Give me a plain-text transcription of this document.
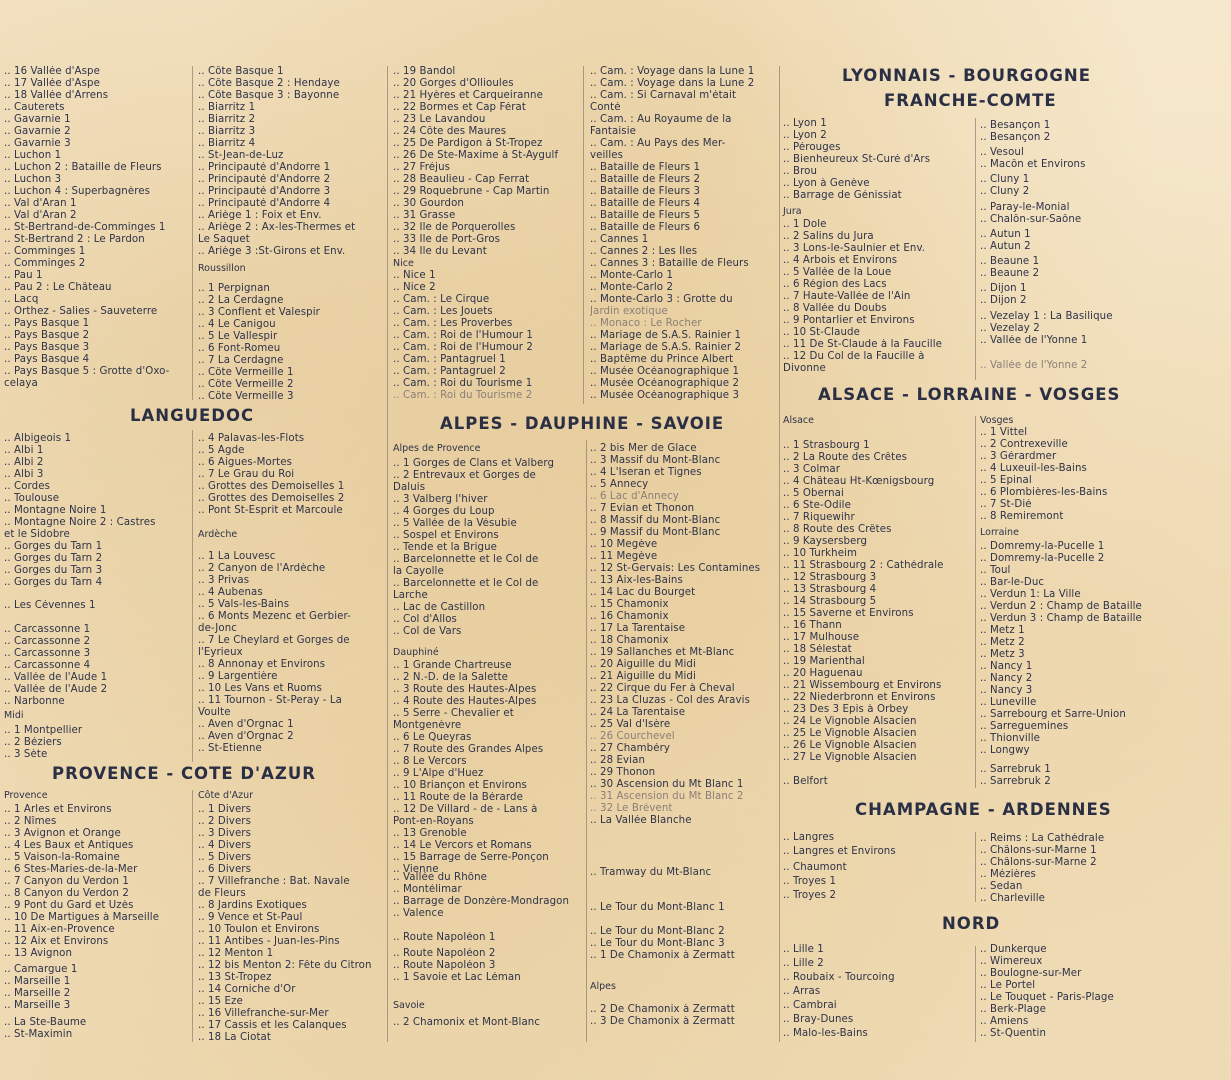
.. 16 Vallée d'Aspe
.. 17 Vallée d'Aspe
.. 18 Vallée d'Arrens
.. Cauterets
.. Gavarnie 1
.. Gavarnie 2
.. Gavarnie 3
.. Luchon 1
.. Luchon 2 : Bataille de Fleurs
.. Luchon 3
.. Luchon 4 : Superbagnères
.. Val d'Aran 1
.. Val d'Aran 2
.. St-Bertrand-de-Comminges 1
.. St-Bertrand 2 : Le Pardon
.. Comminges 1
.. Comminges 2
.. Pau 1
.. Pau 2 : Le Château
.. Lacq
.. Orthez - Salies - Sauveterre
.. Pays Basque 1
.. Pays Basque 2
.. Pays Basque 3
.. Pays Basque 4
.. Pays Basque 5 : Grotte d'Oxo-
celaya
.. Côte Basque 1
.. Côte Basque 2 : Hendaye
.. Côte Basque 3 : Bayonne
.. Biarritz 1
.. Biarritz 2
.. Biarritz 3
.. Biarritz 4
.. St-Jean-de-Luz
.. Principauté d'Andorre 1
.. Principauté d'Andorre 2
.. Principauté d'Andorre 3
.. Principauté d'Andorre 4
.. Ariège 1 : Foix et Env.
.. Ariège 2 : Ax-les-Thermes et
Le Saquet
.. Ariège 3 :St-Girons et Env.
.. 1 Perpignan
.. 2 La Cerdagne
.. 3 Conflent et Valespir
.. 4 Le Canigou
.. 5 Le Vallespir
.. 6 Font-Romeu
.. 7 La Cerdagne
.. Côte Vermeille 1
.. Côte Vermeille 2
.. Côte Vermeille 3
.. 19 Bandol
.. 20 Gorges d'Ollioules
.. 21 Hyères et Carqueiranne
.. 22 Bormes et Cap Férat
.. 23 Le Lavandou
.. 24 Côte des Maures
.. 25 De Pardigon à St-Tropez
.. 26 De Ste-Maxime à St-Aygulf
.. 27 Fréjus
.. 28 Beaulieu - Cap Ferrat
.. 29 Roquebrune - Cap Martin
.. 30 Gourdon
.. 31 Grasse
.. 32 Ile de Porquerolles
.. 33 Ile de Port-Gros
.. 34 Ile du Levant
.. Nice 1
.. Nice 2
.. Cam. : Le Cirque
.. Cam. : Les Jouets
.. Cam. : Les Proverbes
.. Cam. : Roi de l'Humour 1
.. Cam. : Roi de l'Humour 2
.. Cam. : Pantagruel 1
.. Cam. : Pantagruel 2
.. Cam. : Roi du Tourisme 1
.. Cam. : Roi du Tourisme 2
.. Cam. : Voyage dans la Lune 1
.. Cam. : Voyage dans la Lune 2
.. Cam. : Si Carnaval m'était
Conté
.. Cam. : Au Royaume de la
Fantaisie
.. Cam. : Au Pays des Mer-
veilles
.. Bataille de Fleurs 1
.. Bataille de Fleurs 2
.. Bataille de Fleurs 3
.. Bataille de Fleurs 4
.. Bataille de Fleurs 5
.. Bataille de Fleurs 6
.. Cannes 1
.. Cannes 2 : Les Iles
.. Cannes 3 : Bataille de Fleurs
.. Monte-Carlo 1
.. Monte-Carlo 2
.. Monte-Carlo 3 : Grotte du
Jardin exotique
.. Monaco : Le Rocher
.. Mariage de S.A.S. Rainier 1
.. Mariage de S.A.S. Rainier 2
.. Baptême du Prince Albert
.. Musée Océanographique 1
.. Musée Océanographique 2
.. Musée Océanographique 3
.. Lyon 1
.. Lyon 2
.. Pérouges
.. Bienheureux St-Curé d'Ars
.. Brou
.. Lyon à Genève
.. Barrage de Génissiat
.. 1 Dole
.. 2 Salins du Jura
.. 3 Lons-le-Saulnier et Env.
.. 4 Arbois et Environs
.. 5 Vallée de la Loue
.. 6 Région des Lacs
.. 7 Haute-Vallée de l'Ain
.. 8 Vallée du Doubs
.. 9 Pontarlier et Environs
.. 10 St-Claude
.. 11 De St-Claude à la Faucille
.. 12 Du Col de la Faucille à
Divonne
.. Besançon 1
.. Besançon 2
.. Vesoul
.. Macôn et Environs
.. Cluny 1
.. Cluny 2
.. Paray-le-Monial
.. Chalôn-sur-Saône
.. Autun 1
.. Autun 2
.. Beaune 1
.. Beaune 2
.. Dijon 1
.. Dijon 2
.. Vezelay 1 : La Basilique
.. Vezelay 2
.. Vallée de l'Yonne 1
.. Vallée de l'Yonne 2
.. Albigeois 1
.. Albi 1
.. Albi 2
.. Albi 3
.. Cordes
.. Toulouse
.. Montagne Noire 1
.. Montagne Noire 2 : Castres
et le Sidobre
.. Gorges du Tarn 1
.. Gorges du Tarn 2
.. Gorges du Tarn 3
.. Gorges du Tarn 4
.. Les Cévennes 1
.. Carcassonne 1
.. Carcassonne 2
.. Carcassonne 3
.. Carcassonne 4
.. Vallée de l'Aude 1
.. Vallée de l'Aude 2
.. Narbonne
.. 1 Montpellier
.. 2 Béziers
.. 3 Sète
.. 4 Palavas-les-Flots
.. 5 Agde
.. 6 Aigues-Mortes
.. 7 Le Grau du Roi
.. Grottes des Demoiselles 1
.. Grottes des Demoiselles 2
.. Pont St-Esprit et Marcoule
.. 1 La Louvesc
.. 2 Canyon de l'Ardèche
.. 3 Privas
.. 4 Aubenas
.. 5 Vals-les-Bains
.. 6 Monts Mezenc et Gerbier-
de-Jonc
.. 7 Le Cheylard et Gorges de
l'Eyrieux
.. 8 Annonay et Environs
.. 9 Largentière
.. 10 Les Vans et Ruoms
.. 11 Tournon - St-Peray - La
Voulte
.. Aven d'Orgnac 1
.. Aven d'Orgnac 2
.. St-Etienne
.. 1 Gorges de Clans et Valberg
.. 2 Entrevaux et Gorges de
Daluis
.. 3 Valberg l'hiver
.. 4 Gorges du Loup
.. 5 Vallée de la Vésubie
.. Sospel et Environs
.. Tende et la Brigue
.. Barcelonnette et le Col de
la Cayolle
.. Barcelonnette et le Col de
Larche
.. Lac de Castillon
.. Col d'Allos
.. Col de Vars
.. 1 Grande Chartreuse
.. 2 N.-D. de la Salette
.. 3 Route des Hautes-Alpes
.. 4 Route des Hautes-Alpes
.. 5 Serre - Chevalier et
Montgenèvre
.. 6 Le Queyras
.. 7 Route des Grandes Alpes
.. 8 Le Vercors
.. 9 L'Alpe d'Huez
.. 10 Briançon et Environs
.. 11 Route de la Bérarde
.. 12 De Villard - de - Lans à
Pont-en-Royans
.. 13 Grenoble
.. 14 Le Vercors et Romans
.. 15 Barrage de Serre-Ponçon
.. Vienne
.. Vallée du Rhône
.. Montélimar
.. Barrage de Donzère-Mondragon
.. Valence
.. Route Napoléon 1
.. Route Napoléon 2
.. Route Napoléon 3
.. 1 Savoie et Lac Léman
.. 2 Chamonix et Mont-Blanc
.. 2 bis Mer de Glace
.. 3 Massif du Mont-Blanc
.. 4 L'Iseran et Tignes
.. 5 Annecy
.. 6 Lac d'Annecy
.. 7 Evian et Thonon
.. 8 Massif du Mont-Blanc
.. 9 Massif du Mont-Blanc
.. 10 Megève
.. 11 Megève
.. 12 St-Gervais: Les Contamines
.. 13 Aix-les-Bains
.. 14 Lac du Bourget
.. 15 Chamonix
.. 16 Chamonix
.. 17 La Tarentaise
.. 18 Chamonix
.. 19 Sallanches et Mt-Blanc
.. 20 Aiguille du Midi
.. 21 Aiguille du Midi
.. 22 Cirque du Fer à Cheval
.. 23 La Cluzas - Col des Aravis
.. 24 La Tarentaise
.. 25 Val d'Isère
.. 26 Courchevel
.. 27 Chambéry
.. 28 Evian
.. 29 Thonon
.. 30 Ascension du Mt Blanc 1
.. 31 Ascension du Mt Blanc 2
.. 32 Le Brévent
.. La Vallée Blanche
.. Tramway du Mt-Blanc
.. Le Tour du Mont-Blanc 1
.. Le Tour du Mont-Blanc 2
.. Le Tour du Mont-Blanc 3
.. 1 De Chamonix à Zermatt
.. 2 De Chamonix à Zermatt
.. 3 De Chamonix à Zermatt
.. 1 Arles et Environs
.. 2 Nîmes
.. 3 Avignon et Orange
.. 4 Les Baux et Antiques
.. 5 Vaison-la-Romaine
.. 6 Stes-Maries-de-la-Mer
.. 7 Canyon du Verdon 1
.. 8 Canyon du Verdon 2
.. 9 Pont du Gard et Uzès
.. 10 De Martigues à Marseille
.. 11 Aix-en-Provence
.. 12 Aix et Environs
.. 13 Avignon
.. Camargue 1
.. Marseille 1
.. Marseille 2
.. Marseille 3
.. La Ste-Baume
.. St-Maximin
.. 1 Divers
.. 2 Divers
.. 3 Divers
.. 4 Divers
.. 5 Divers
.. 6 Divers
.. 7 Villefranche : Bat. Navale
de Fleurs
.. 8 Jardins Exotiques
.. 9 Vence et St-Paul
.. 10 Toulon et Environs
.. 11 Antibes - Juan-les-Pins
.. 12 Menton 1
.. 12 bis Menton 2: Fête du Citron
.. 13 St-Tropez
.. 14 Corniche d'Or
.. 15 Eze
.. 16 Villefranche-sur-Mer
.. 17 Cassis et les Calanques
.. 18 La Ciotat
.. 1 Strasbourg 1
.. 2 La Route des Crêtes
.. 3 Colmar
.. 4 Château Ht-Kœnigsbourg
.. 5 Obernai
.. 6 Ste-Odile
.. 7 Riquewihr
.. 8 Route des Crêtes
.. 9 Kaysersberg
.. 10 Turkheim
.. 11 Strasbourg 2 : Cathédrale
.. 12 Strasbourg 3
.. 13 Strasbourg 4
.. 14 Strasbourg 5
.. 15 Saverne et Environs
.. 16 Thann
.. 17 Mulhouse
.. 18 Sélestat
.. 19 Marienthal
.. 20 Haguenau
.. 21 Wissembourg et Environs
.. 22 Niederbronn et Environs
.. 23 Des 3 Epis à Orbey
.. 24 Le Vignoble Alsacien
.. 25 Le Vignoble Alsacien
.. 26 Le Vignoble Alsacien
.. 27 Le Vignoble Alsacien
.. Belfort
.. 1 Vittel
.. 2 Contrexeville
.. 3 Gérardmer
.. 4 Luxeuil-les-Bains
.. 5 Epinal
.. 6 Plombières-les-Bains
.. 7 St-Dié
.. 8 Remiremont
.. Domremy-la-Pucelle 1
.. Domremy-la-Pucelle 2
.. Toul
.. Bar-le-Duc
.. Verdun 1: La Ville
.. Verdun 2 : Champ de Bataille
.. Verdun 3 : Champ de Bataille
.. Metz 1
.. Metz 2
.. Metz 3
.. Nancy 1
.. Nancy 2
.. Nancy 3
.. Luneville
.. Sarrebourg et Sarre-Union
.. Sarreguemines
.. Thionville
.. Longwy
.. Sarrebruk 1
.. Sarrebruk 2
.. Langres
.. Langres et Environs
.. Chaumont
.. Troyes 1
.. Troyes 2
.. Reims : La Cathédrale
.. Châlons-sur-Marne 1
.. Châlons-sur-Marne 2
.. Mézières
.. Sedan
.. Charleville
.. Lille 1
.. Lille 2
.. Roubaix - Tourcoing
.. Arras
.. Cambrai
.. Bray-Dunes
.. Malo-les-Bains
.. Dunkerque
.. Wimereux
.. Boulogne-sur-Mer
.. Le Portel
.. Le Touquet - Paris-Plage
.. Berk-Plage
.. Amiens
.. St-Quentin
LANGUEDOC
PROVENCE - COTE D'AZUR
ALPES - DAUPHINE - SAVOIE
LYONNAIS - BOURGOGNE
FRANCHE-COMTE
ALSACE - LORRAINE - VOSGES
CHAMPAGNE - ARDENNES
NORD
Roussillon	Nice
Midi
Ardèche
Alpes de Provence
Provence	Côte d'Azur
Dauphiné
Savoie
Alpes
Jura
Alsace	Vosges
Lorraine
